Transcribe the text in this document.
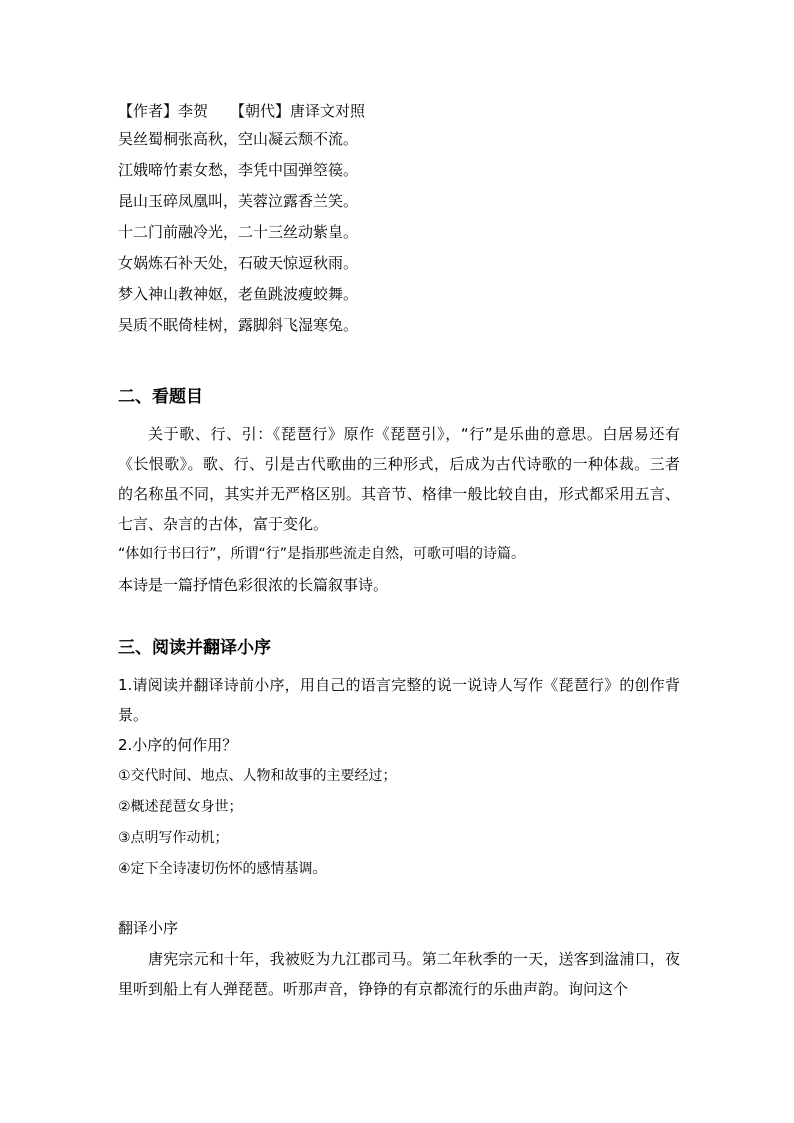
【作者】李贺 【朝代】唐译文对照
吴丝蜀桐张高秋，空山凝云颓不流。
江娥啼竹素女愁，李凭中国弹箜篌。
昆山玉碎凤凰叫，芙蓉泣露香兰笑。
十二门前融冷光，二十三丝动紫皇。
女娲炼石补天处，石破天惊逗秋雨。
梦入神山教神妪，老鱼跳波瘦蛟舞。
吴质不眠倚桂树，露脚斜飞湿寒兔。
二、看题目

关于歌、行、引：《琵琶行》原作《琵琶引》，“行”是乐曲的意思。白居易还有《长恨歌》。歌、行、引是古代歌曲的三种形式，后成为古代诗歌的一种体裁。三者的名称虽不同，其实并无严格区别。其音节、格律一般比较自由，形式都采用五言、七言、杂言的古体，富于变化。

“体如行书曰行”，所谓“行”是指那些流走自然，可歌可唱的诗篇。
本诗是一篇抒情色彩很浓的长篇叙事诗。
三、阅读并翻译小序

1.请阅读并翻译诗前小序，用自己的语言完整的说一说诗人写作《琵琶行》的创作背景。

2.小序的何作用？
①交代时间、地点、人物和故事的主要经过；
②概述琵琶女身世；
③点明写作动机；
④定下全诗凄切伤怀的感情基调。
翻译小序

唐宪宗元和十年，我被贬为九江郡司马。第二年秋季的一天，送客到湓浦口，夜里听到船上有人弹琵琶。听那声音，铮铮的有京都流行的乐曲声韵。询问这个
